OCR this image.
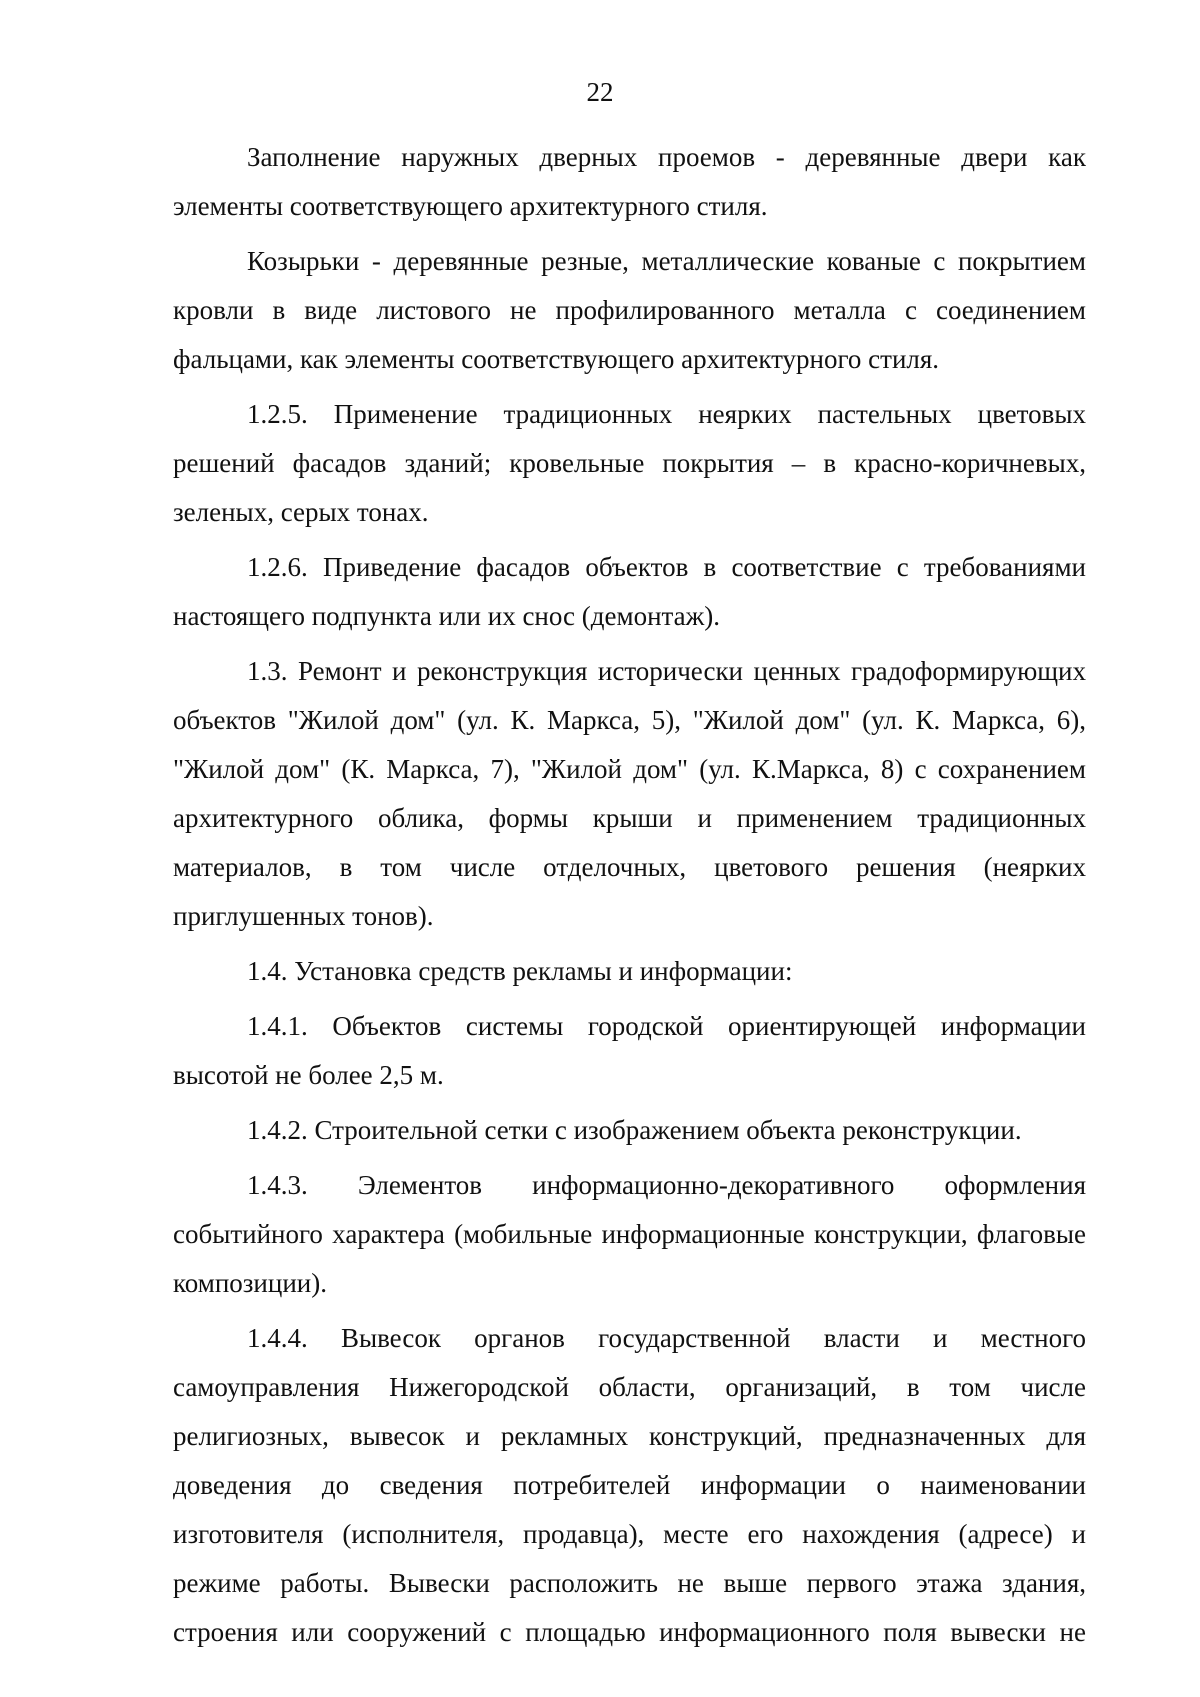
22

Заполнение наружных дверных проемов - деревянные двери как элементы соответствующего архитектурного стиля.

Козырьки - деревянные резные, металлические кованые с покрытием кровли в виде листового не профилированного металла с соединением фальцами, как элементы соответствующего архитектурного стиля.

1.2.5. Применение традиционных неярких пастельных цветовых решений фасадов зданий; кровельные покрытия – в красно-коричневых, зеленых, серых тонах.

1.2.6. Приведение фасадов объектов в соответствие с требованиями настоящего подпункта или их снос (демонтаж).

1.3. Ремонт и реконструкция исторически ценных градоформирующих объектов "Жилой дом" (ул. К. Маркса, 5), "Жилой дом" (ул. К. Маркса, 6), "Жилой дом" (К. Маркса, 7), "Жилой дом" (ул. К.Маркса, 8) с сохранением архитектурного облика, формы крыши и применением традиционных материалов, в том числе отделочных, цветового решения (неярких приглушенных тонов).

1.4. Установка средств рекламы и информации:

1.4.1. Объектов системы городской ориентирующей информации высотой не более 2,5 м.

1.4.2. Строительной сетки с изображением объекта реконструкции.

1.4.3. Элементов информационно-декоративного оформления событийного характера (мобильные информационные конструкции, флаговые композиции).

1.4.4. Вывесок органов государственной власти и местного самоуправления Нижегородской области, организаций, в том числе религиозных, вывесок и рекламных конструкций, предназначенных для доведения до сведения потребителей информации о наименовании изготовителя (исполнителя, продавца), месте его нахождения (адресе) и режиме работы. Вывески расположить не выше первого этажа здания, строения или сооружений с площадью информационного поля вывески не
